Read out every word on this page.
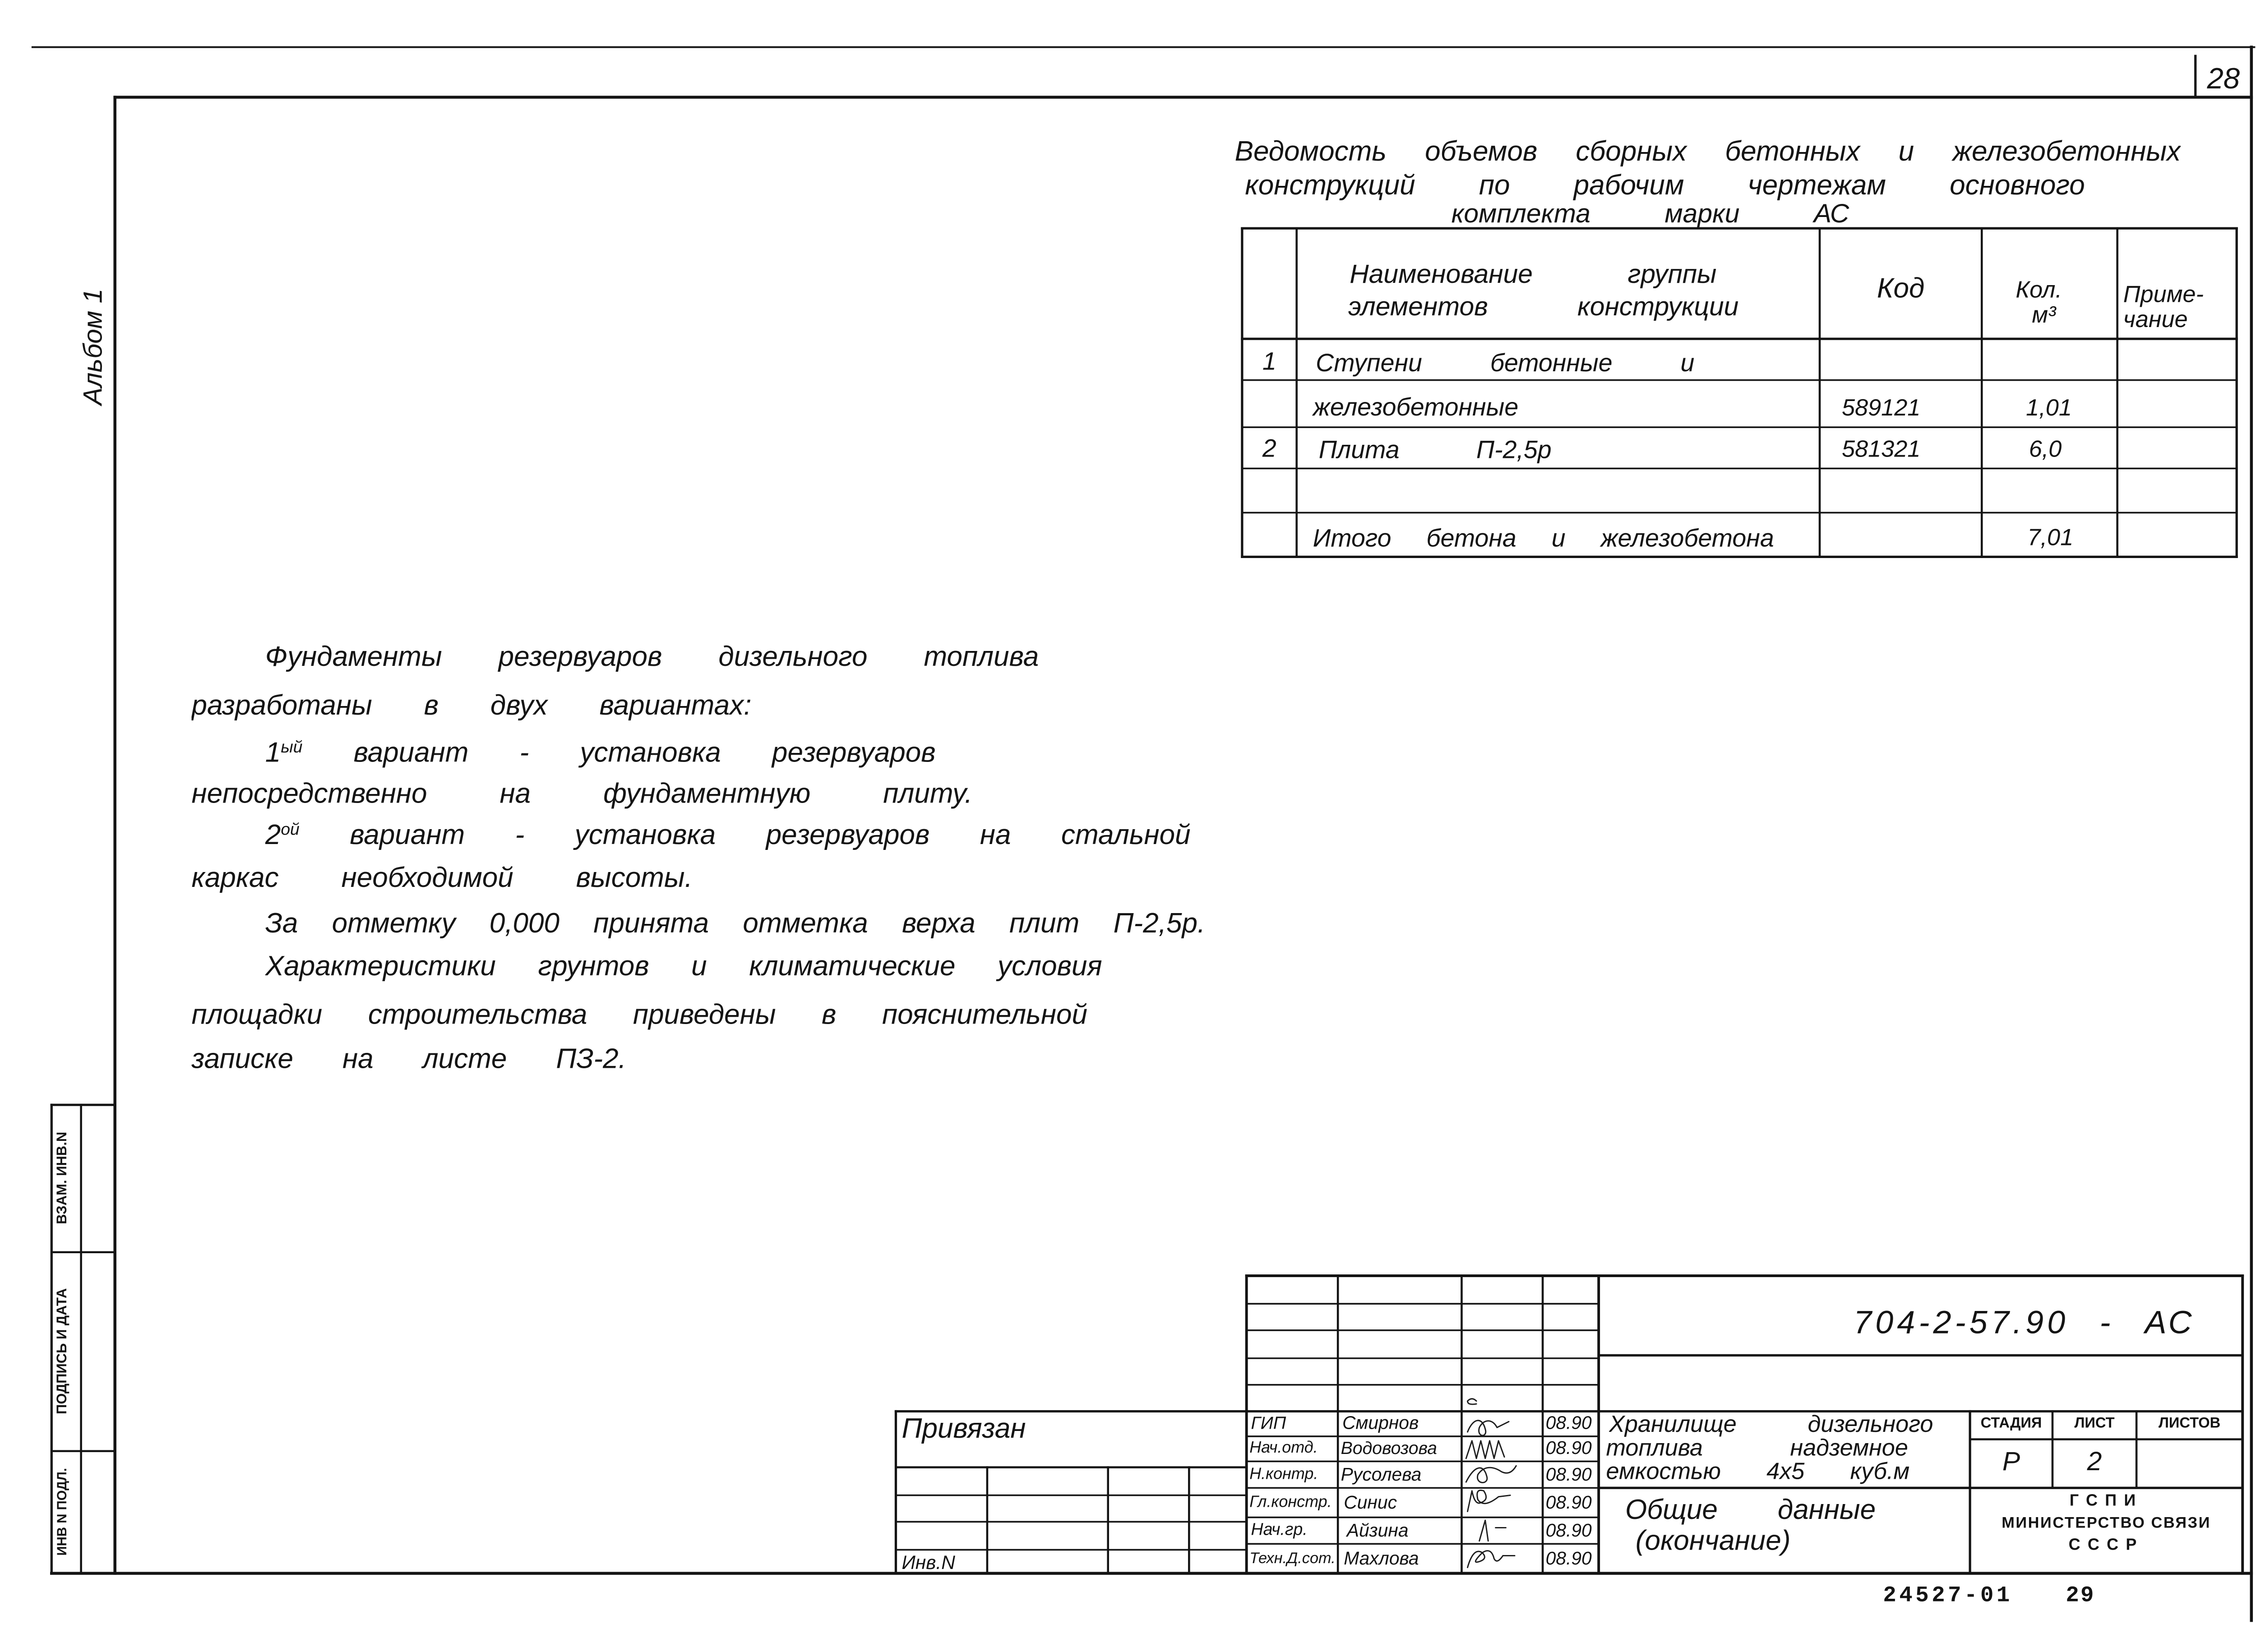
28
Альбом 1
ВЗАМ. ИНВ.N
ПОДПИСЬ И ДАТА
ИНВ N ПОДЛ.
Ведомость объемов сборных бетонных и железобетонных
конструкций по рабочим чертежам основного
комплекта марки АС
Наименование группы
элементов конструкции
Код	Кол.
м³
Приме-
чание
1	Ступени бетонные и
железобетонные	589121	1,01
2	Плита П-2,5р	581321	6,0
Итого бетона и железобетона	7,01
Фундаменты резервуаров дизельного топлива
разработаны в двух вариантах:
$1^{ый}$	вариант - установка резервуаров
непосредственно на фундаментную плиту.
$2^{ой}$	вариант - установка резервуаров на стальной
каркас необходимой высоты.
За отметку 0,000 принята отметка верха плит П-2,5р.
Характеристики грунтов и климатические условия
площадки строительства приведены в пояснительной
записке на листе ПЗ-2.
704-2-57.90 - АС
Хранилище дизельного
топлива надземное
емкостью 4x5 куб.м
Общие данные
(окончание)
СТАДИЯ	ЛИСТ	ЛИСТОВ
Р	2
ГСПИ
МИНИСТЕРСТВО СВЯЗИ
СССР
ГИП	Смирнов	08.90
Нач.отд.	Водовозова	08.90
Н.контр.	Русолева	08.90
Гл.констр. Синис	08.90
Нач.гр.	Айзина	08.90
Техн.Д.сот. Махлова	08.90
Привязан
Инв.N
24527-01	29
